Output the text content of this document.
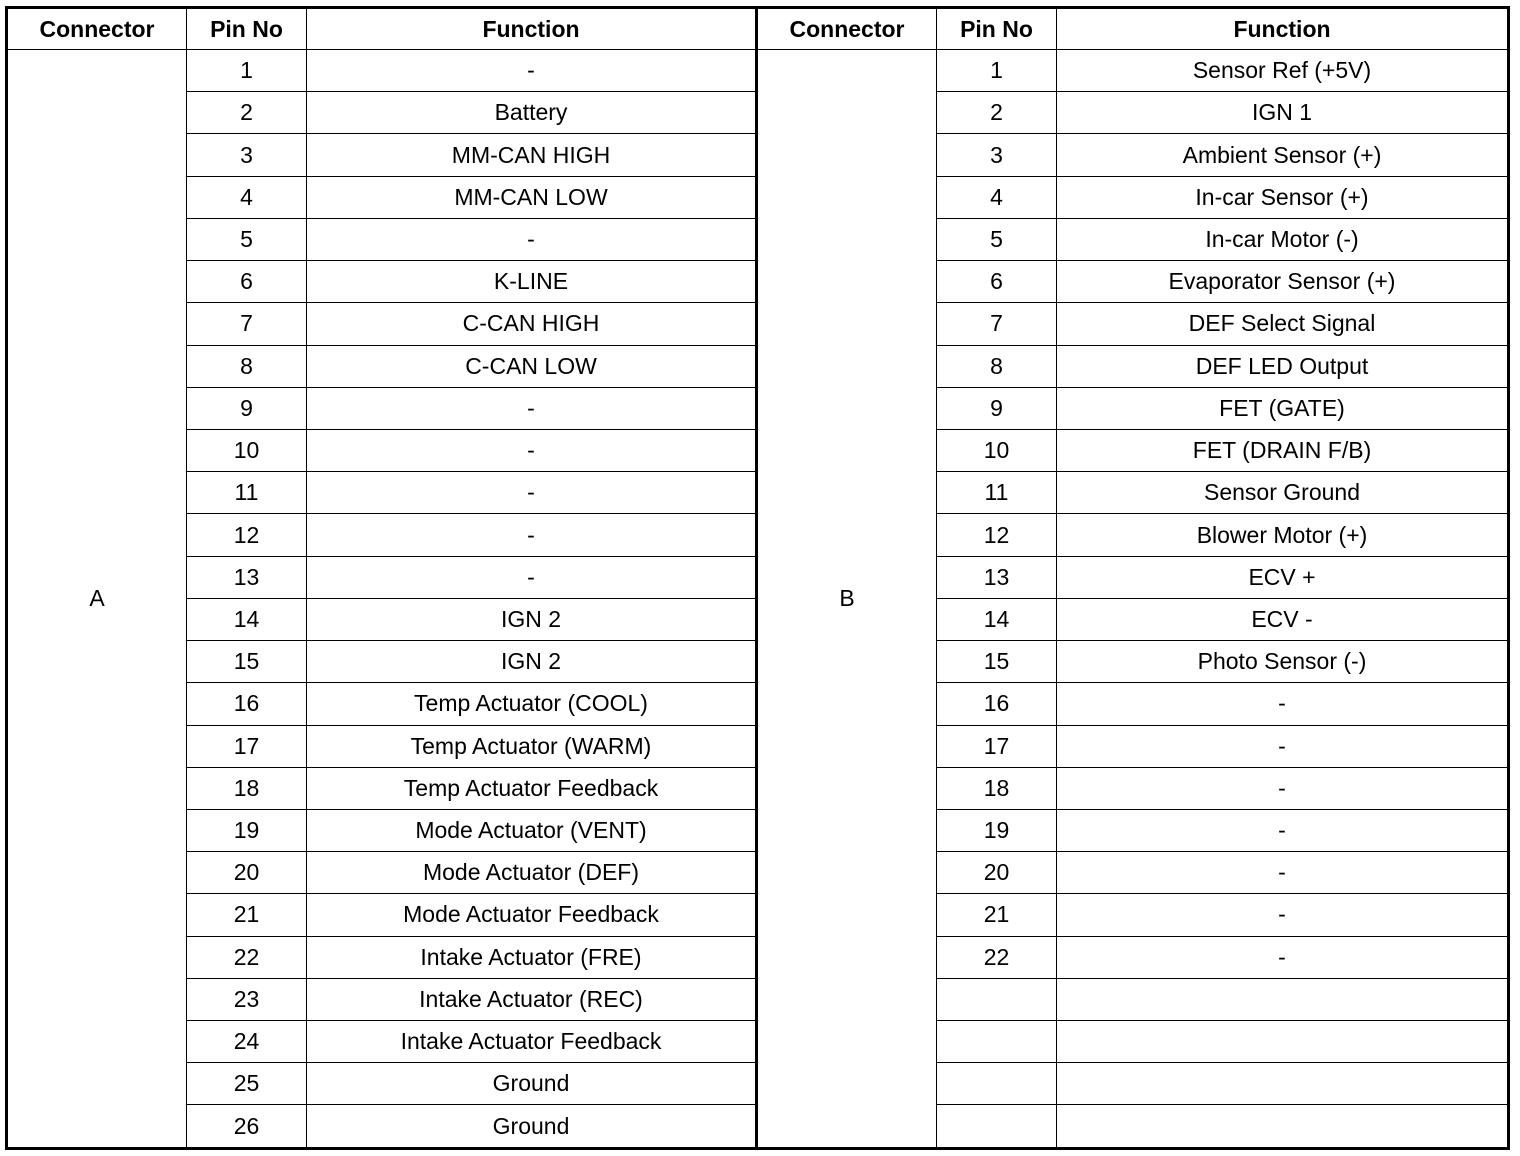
Connector	Pin No	Function	Connector	Pin No	Function
A	1	-	B	1	Sensor Ref (+5V)
	2	Battery		2	IGN 1
	3	MM-CAN HIGH		3	Ambient Sensor (+)
	4	MM-CAN LOW		4	In-car Sensor (+)
	5	-		5	In-car Motor (-)
	6	K-LINE		6	Evaporator Sensor (+)
	7	C-CAN HIGH		7	DEF Select Signal
	8	C-CAN LOW		8	DEF LED Output
	9	-		9	FET (GATE)
	10	-		10	FET (DRAIN F/B)
	11	-		11	Sensor Ground
	12	-		12	Blower Motor (+)
	13	-		13	ECV +
	14	IGN 2		14	ECV -
	15	IGN 2		15	Photo Sensor (-)
	16	Temp Actuator (COOL)		16	-
	17	Temp Actuator (WARM)		17	-
	18	Temp Actuator Feedback		18	-
	19	Mode Actuator (VENT)		19	-
	20	Mode Actuator (DEF)		20	-
	21	Mode Actuator Feedback		21	-
	22	Intake Actuator (FRE)		22	-
	23	Intake Actuator (REC)			
	24	Intake Actuator Feedback			
	25	Ground			
	26	Ground			
